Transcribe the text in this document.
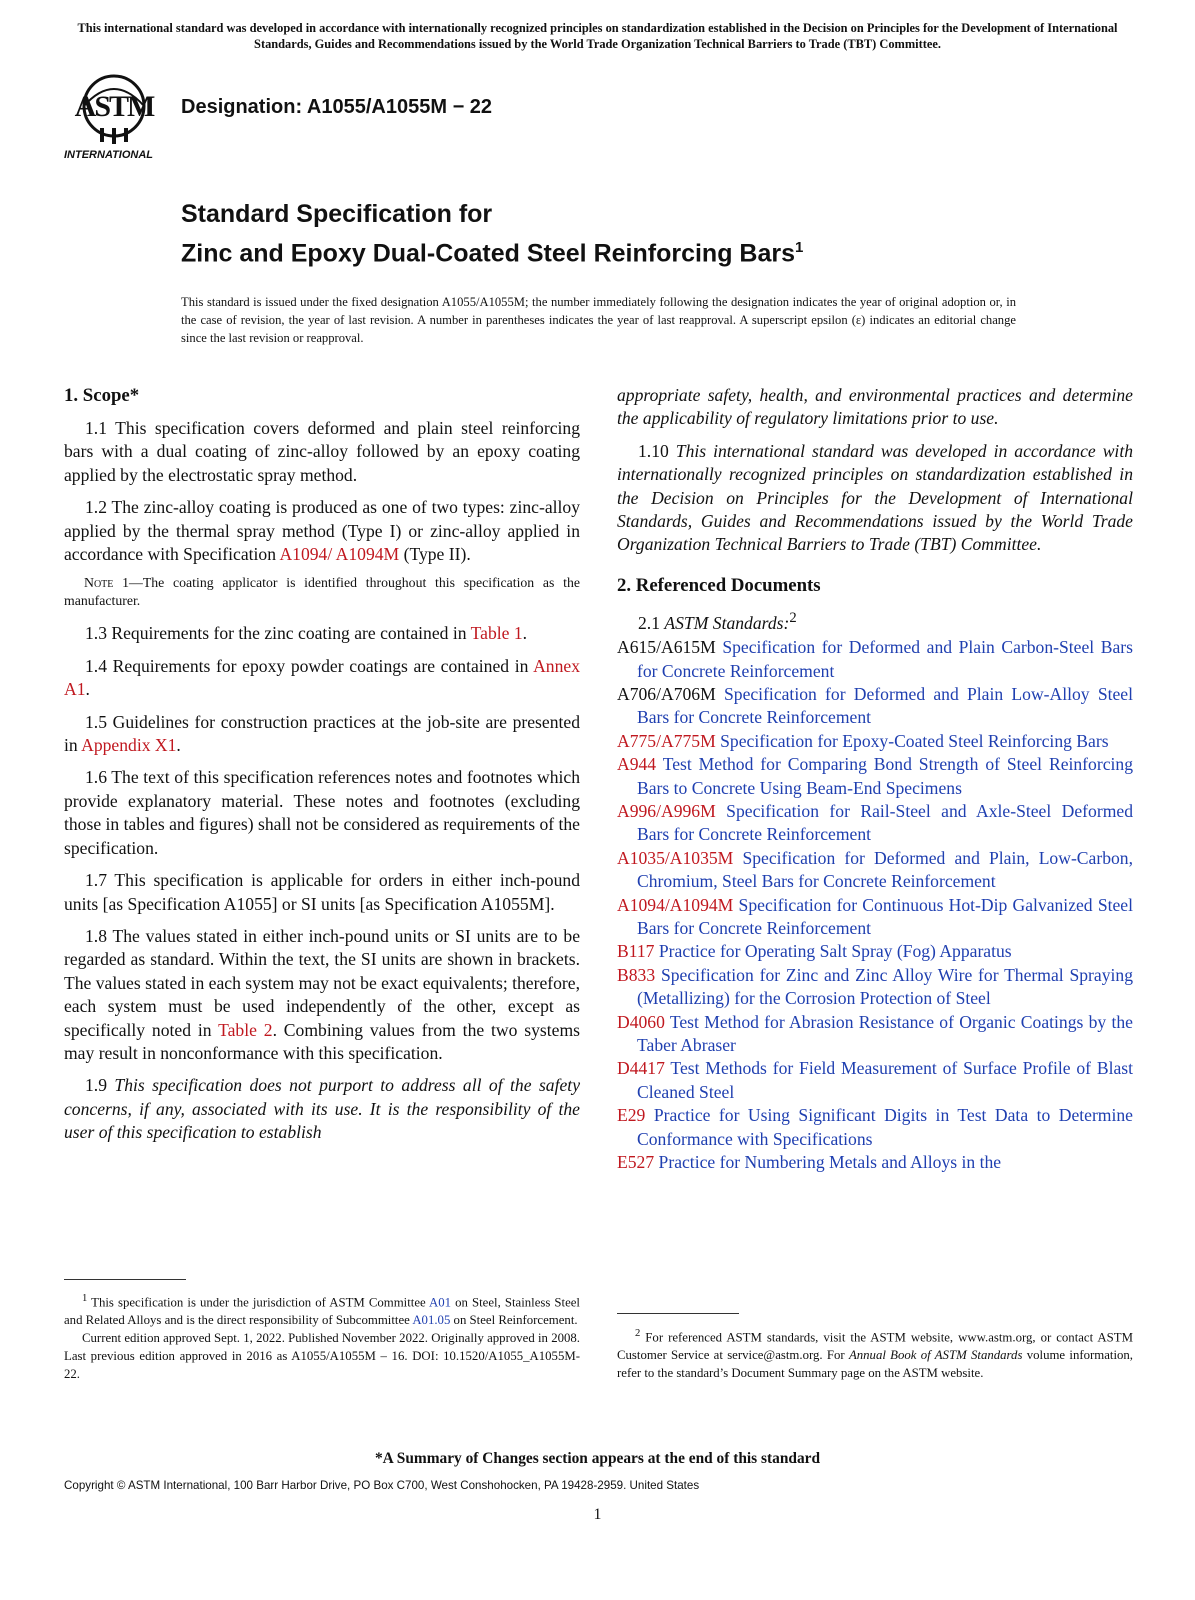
This international standard was developed in accordance with internationally recognized principles on standardization established in the Decision on Principles for the Development of International Standards, Guides and Recommendations issued by the World Trade Organization Technical Barriers to Trade (TBT) Committee.
ASTM
INTERNATIONAL
Designation: A1055/A1055M − 22
Standard Specification for
Zinc and Epoxy Dual-Coated Steel Reinforcing Bars$^1$
This standard is issued under the fixed designation A1055/A1055M; the number immediately following the designation indicates the year of original adoption or, in the case of revision, the year of last revision. A number in parentheses indicates the year of last reapproval. A superscript epsilon (ε) indicates an editorial change since the last revision or reapproval.
1. Scope*

1.1 This specification covers deformed and plain steel reinforcing bars with a dual coating of zinc-alloy followed by an epoxy coating applied by the electrostatic spray method.

1.2 The zinc-alloy coating is produced as one of two types: zinc-alloy applied by the thermal spray method (Type I) or zinc-alloy applied in accordance with Specification A1094/ A1094M (Type II).

Note 1—The coating applicator is identified throughout this specification as the manufacturer.

1.3 Requirements for the zinc coating are contained in Table 1.

1.4 Requirements for epoxy powder coatings are contained in Annex A1.

1.5 Guidelines for construction practices at the job-site are presented in Appendix X1.

1.6 The text of this specification references notes and footnotes which provide explanatory material. These notes and footnotes (excluding those in tables and figures) shall not be considered as requirements of the specification.

1.7 This specification is applicable for orders in either inch-pound units [as Specification A1055] or SI units [as Specification A1055M].

1.8 The values stated in either inch-pound units or SI units are to be regarded as standard. Within the text, the SI units are shown in brackets. The values stated in each system may not be exact equivalents; therefore, each system must be used independently of the other, except as specifically noted in Table 2. Combining values from the two systems may result in nonconformance with this specification.

1.9 This specification does not purport to address all of the safety concerns, if any, associated with its use. It is the responsibility of the user of this specification to establish

$^1$ This specification is under the jurisdiction of ASTM Committee A01 on Steel, Stainless Steel and Related Alloys and is the direct responsibility of Subcommittee A01.05 on Steel Reinforcement.

Current edition approved Sept. 1, 2022. Published November 2022. Originally approved in 2008. Last previous edition approved in 2016 as A1055/A1055M – 16. DOI: 10.1520/A1055_A1055M-22.

appropriate safety, health, and environmental practices and determine the applicability of regulatory limitations prior to use.

1.10 This international standard was developed in accordance with internationally recognized principles on standardization established in the Decision on Principles for the Development of International Standards, Guides and Recommendations issued by the World Trade Organization Technical Barriers to Trade (TBT) Committee.

2. Referenced Documents

2.1 ASTM Standards:$^2$

A615/A615M Specification for Deformed and Plain Carbon-Steel Bars for Concrete Reinforcement
A706/A706M Specification for Deformed and Plain Low-Alloy Steel Bars for Concrete Reinforcement
A775/A775M Specification for Epoxy-Coated Steel Reinforcing Bars
A944 Test Method for Comparing Bond Strength of Steel Reinforcing Bars to Concrete Using Beam-End Specimens
A996/A996M Specification for Rail-Steel and Axle-Steel Deformed Bars for Concrete Reinforcement
A1035/A1035M Specification for Deformed and Plain, Low-Carbon, Chromium, Steel Bars for Concrete Reinforcement
A1094/A1094M Specification for Continuous Hot-Dip Galvanized Steel Bars for Concrete Reinforcement
B117 Practice for Operating Salt Spray (Fog) Apparatus
B833 Specification for Zinc and Zinc Alloy Wire for Thermal Spraying (Metallizing) for the Corrosion Protection of Steel
D4060 Test Method for Abrasion Resistance of Organic Coatings by the Taber Abraser
D4417 Test Methods for Field Measurement of Surface Profile of Blast Cleaned Steel
E29 Practice for Using Significant Digits in Test Data to Determine Conformance with Specifications
E527 Practice for Numbering Metals and Alloys in the

$^2$ For referenced ASTM standards, visit the ASTM website, www.astm.org, or contact ASTM Customer Service at service@astm.org. For Annual Book of ASTM Standards volume information, refer to the standard’s Document Summary page on the ASTM website.

*A Summary of Changes section appears at the end of this standard
Copyright © ASTM International, 100 Barr Harbor Drive, PO Box C700, West Conshohocken, PA 19428-2959. United States
1
